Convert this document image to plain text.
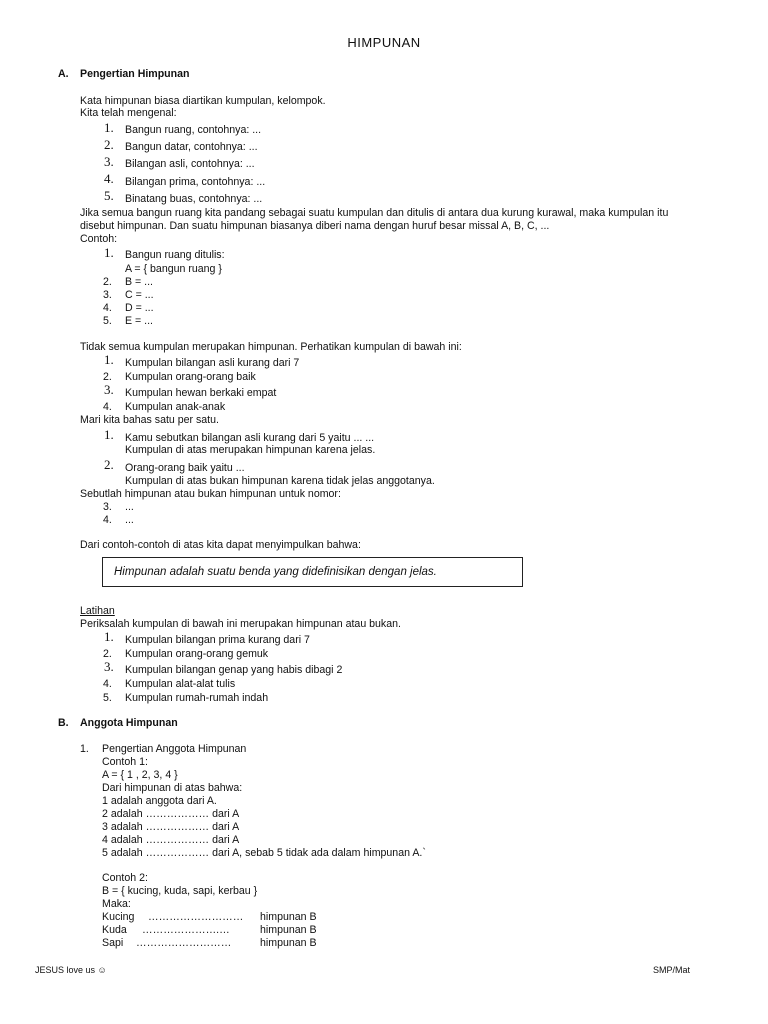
HIMPUNAN
A. Pengertian Himpunan
Kata himpunan biasa diartikan kumpulan, kelompok.
Kita telah mengenal:
1. Bangun ruang, contohnya: ...
2. Bangun datar, contohnya: ...
3. Bilangan asli, contohnya: ...
4. Bilangan prima, contohnya: ...
5. Binatang buas, contohnya: ...
Jika semua bangun ruang kita pandang sebagai suatu kumpulan dan ditulis di antara dua kurung kurawal, maka kumpulan itu
disebut himpunan. Dan suatu himpunan biasanya diberi nama dengan huruf besar missal A, B, C, ...
Contoh:
1. Bangun ruang ditulis:
A = { bangun ruang }
2. B = ...
3. C = ...
4. D = ...
5. E = ...
Tidak semua kumpulan merupakan himpunan. Perhatikan kumpulan di bawah ini:
1. Kumpulan bilangan asli kurang dari 7
2. Kumpulan orang-orang baik
3. Kumpulan hewan berkaki empat
4. Kumpulan anak-anak
Mari kita bahas satu per satu.
1. Kamu sebutkan bilangan asli kurang dari 5 yaitu ... ...
Kumpulan di atas merupakan himpunan karena jelas.
2. Orang-orang baik yaitu ...
Kumpulan di atas bukan himpunan karena tidak jelas anggotanya.
Sebutlah himpunan atau bukan himpunan untuk nomor:
3. ...
4. ...
Dari contoh-contoh di atas kita dapat menyimpulkan bahwa:
Himpunan adalah suatu benda yang didefinisikan dengan jelas.
Latihan
Periksalah kumpulan di bawah ini merupakan himpunan atau bukan.
1. Kumpulan bilangan prima kurang dari 7
2. Kumpulan orang-orang gemuk
3. Kumpulan bilangan genap yang habis dibagi 2
4. Kumpulan alat-alat tulis
5. Kumpulan rumah-rumah indah
B. Anggota Himpunan
1. Pengertian Anggota Himpunan
Contoh 1:
A = { 1 , 2, 3, 4 }
Dari himpunan di atas bahwa:
1 adalah anggota dari A.
2 adalah ……………… dari A
3 adalah ……………… dari A
4 adalah ……………… dari A
5 adalah ……………… dari A, sebab 5 tidak ada dalam himpunan A.`
Contoh 2:
B = { kucing, kuda, sapi, kerbau }
Maka:
Kucing ……………………… himpunan B
Kuda ………………….…	himpunan B
Sapi ………………………	himpunan B
JESUS love us ☺	SMP/Mat
